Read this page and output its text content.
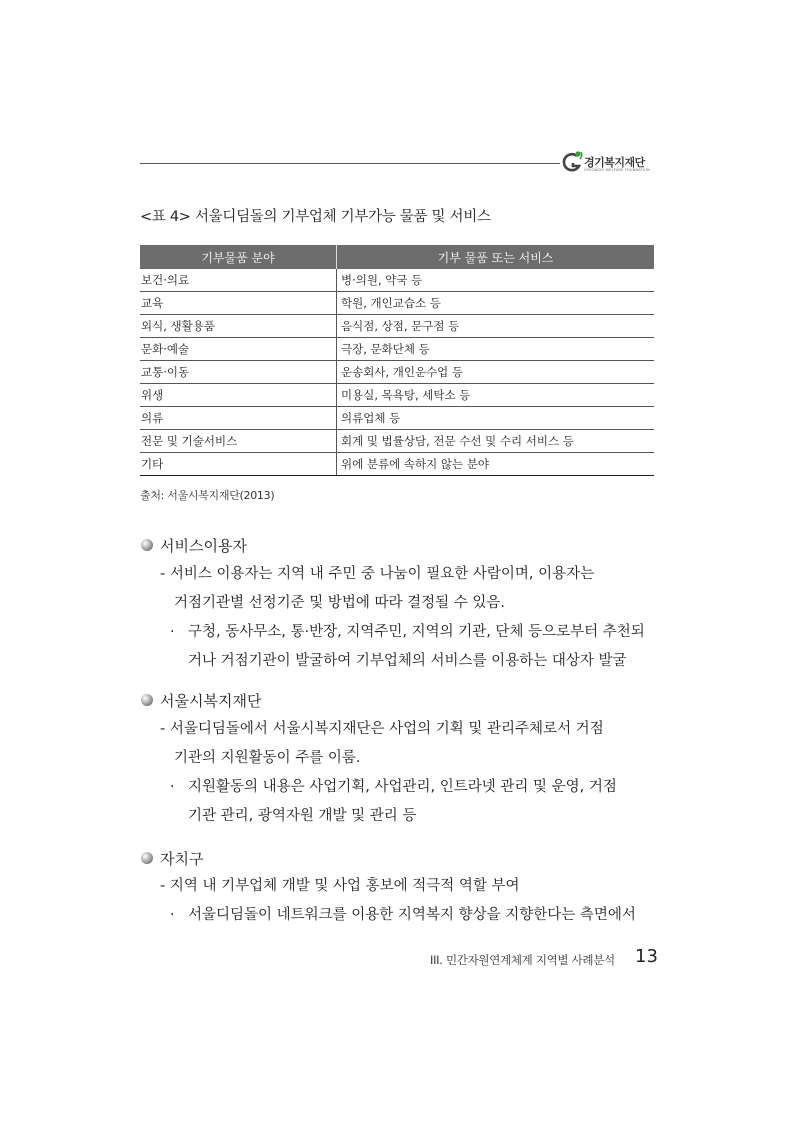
경기복지재단
GYEONGGI WELFARE FOUNDATION
<표 4> 서울디딤돌의 기부업체 기부가능 물품 및 서비스
기부물품 분야	기부 물품 또는 서비스
보건·의료	병·의원, 약국 등
교육	학원, 개인교습소 등
외식, 생활용품	음식점, 상점, 문구점 등
문화·예술	극장, 문화단체 등
교통·이동	운송회사, 개인운수업 등
위생	미용실, 목욕탕, 세탁소 등
의류	의류업체 등
전문 및 기술서비스	회계 및 법률상담, 전문 수선 및 수리 서비스 등
기타	위에 분류에 속하지 않는 분야
출처: 서울시복지재단(2013)
서비스이용자
- 서비스 이용자는 지역 내 주민 중 나눔이 필요한 사람이며, 이용자는
거점기관별 선정기준 및 방법에 따라 결정될 수 있음.
· 구청, 동사무소, 통·반장, 지역주민, 지역의 기관, 단체 등으로부터 추천되
거나 거점기관이 발굴하여 기부업체의 서비스를 이용하는 대상자 발굴
서울시복지재단
- 서울디딤돌에서 서울시복지재단은 사업의 기획 및 관리주체로서 거점
기관의 지원활동이 주를 이룸.
· 지원활동의 내용은 사업기획, 사업관리, 인트라넷 관리 및 운영, 거점
기관 관리, 광역자원 개발 및 관리 등
자치구
- 지역 내 기부업체 개발 및 사업 홍보에 적극적 역할 부여
· 서울디딤돌이 네트워크를 이용한 지역복지 향상을 지향한다는 측면에서
III. 민간자원연계체계 지역별 사례분석 13
